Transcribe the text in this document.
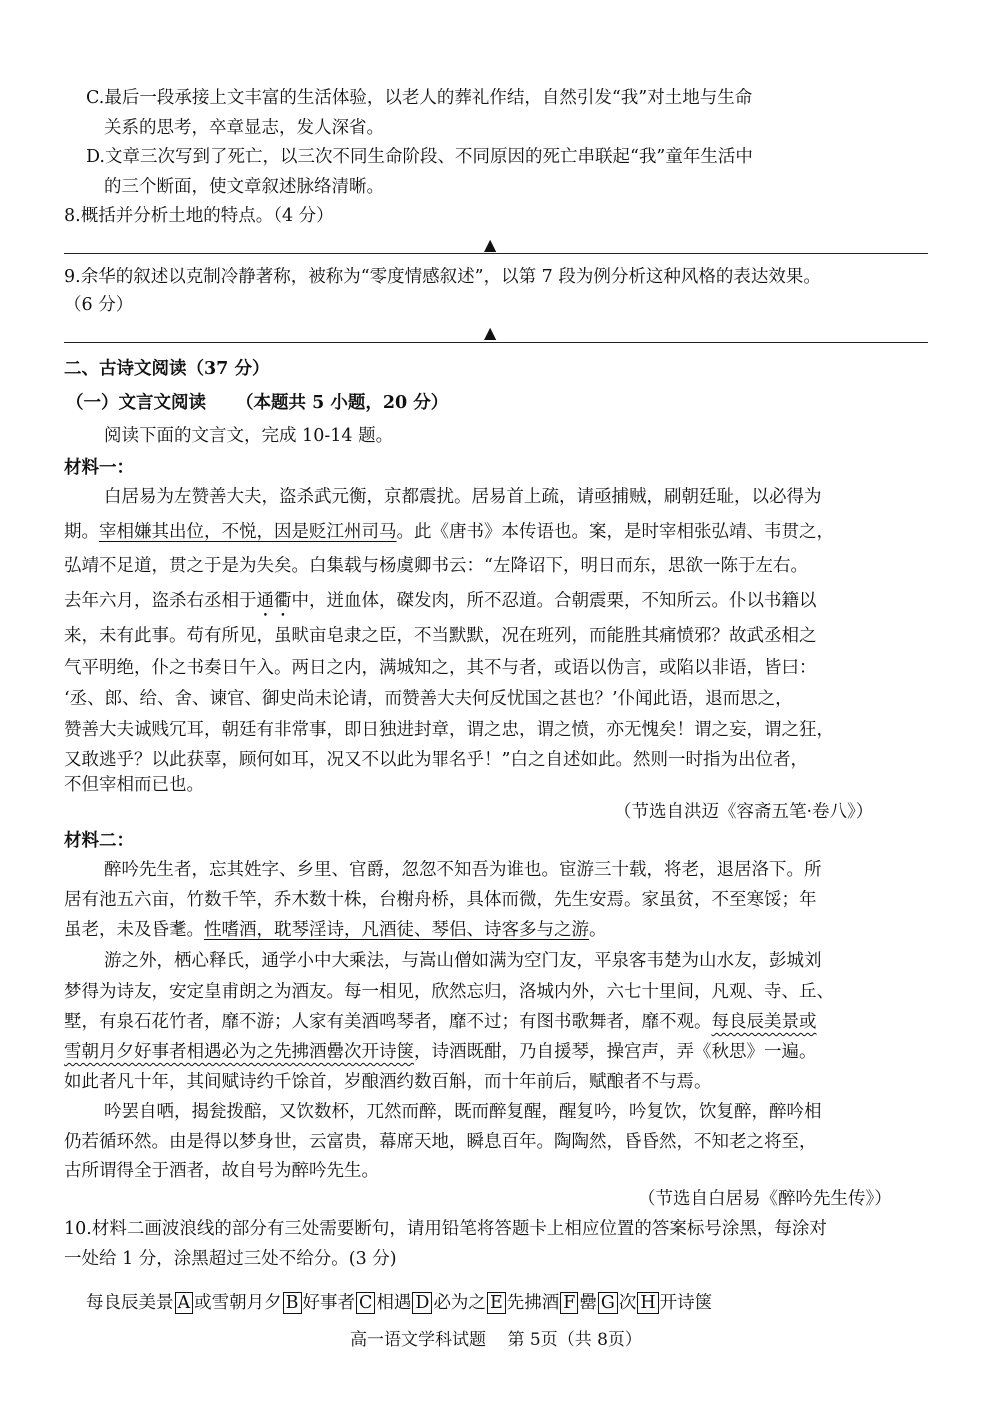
C.最后一段承接上文丰富的生活体验，以老人的葬礼作结，自然引发“我”对土地与生命
关系的思考，卒章显志，发人深省。
D.文章三次写到了死亡，以三次不同生命阶段、不同原因的死亡串联起“我”童年生活中
的三个断面，使文章叙述脉络清晰。
8.概括并分析土地的特点。（4 分）
▲
9.余华的叙述以克制冷静著称，被称为“零度情感叙述”，以第 7 段为例分析这种风格的表达效果。
（6 分）
▲
二、古诗文阅读（37 分）
（一）文言文阅读 （本题共 5 小题，20 分）
阅读下面的文言文，完成 10-14 题。
材料一：
白居易为左赞善大夫，盗杀武元衡，京都震扰。居易首上疏，请亟捕贼，刷朝廷耻，以必得为
期。宰相嫌其出位，不悦，因是贬江州司马。此《唐书》本传语也。案，是时宰相张弘靖、韦贯之，
弘靖不足道，贯之于是为失矣。白集载与杨虞卿书云：“左降诏下，明日而东，思欲一陈于左右。
去年六月，盗杀右丞相于通衢中，迸血体，磔发肉，所不忍道。合朝震栗，不知所云。仆以书籍以
来，未有此事。苟有所见，虽畎亩皂隶之臣，不当默默，况在班列，而能胜其痛愤邪？故武丞相之
气平明绝，仆之书奏日午入。两日之内，满城知之，其不与者，或语以伪言，或陷以非语，皆曰：
‘丞、郎、给、舍、谏官、御史尚未论请，而赞善大夫何反忧国之甚也？’仆闻此语，退而思之，
赞善大夫诚贱冗耳，朝廷有非常事，即日独进封章，谓之忠，谓之愤，亦无愧矣！谓之妄，谓之狂，
又敢逃乎？以此获辜，顾何如耳，况又不以此为罪名乎！”白之自述如此。然则一时指为出位者，
不但宰相而已也。
（节选自洪迈《容斋五笔·卷八》）
材料二：
醉吟先生者，忘其姓字、乡里、官爵，忽忽不知吾为谁也。宦游三十载，将老，退居洛下。所
居有池五六亩，竹数千竿，乔木数十株，台榭舟桥，具体而微，先生安焉。家虽贫，不至寒馁；年
虽老，未及昏耄。性嗜酒，耽琴淫诗，凡酒徒、琴侣、诗客多与之游。
游之外，栖心释氏，通学小中大乘法，与嵩山僧如满为空门友，平泉客韦楚为山水友，彭城刘
梦得为诗友，安定皇甫朗之为酒友。每一相见，欣然忘归，洛城内外，六七十里间，凡观、寺、丘、
墅，有泉石花竹者，靡不游；人家有美酒鸣琴者，靡不过；有图书歌舞者，靡不观。每良辰美景或
雪朝月夕好事者相遇必为之先拂酒罍次开诗箧，诗酒既酣，乃自援琴，操宫声，弄《秋思》一遍。
如此者凡十年，其间赋诗约千馀首，岁酿酒约数百斛，而十年前后，赋酿者不与焉。
吟罢自哂，揭瓮拨醅，又饮数杯，兀然而醉，既而醉复醒，醒复吟，吟复饮，饮复醉，醉吟相
仍若循环然。由是得以梦身世，云富贵，幕席天地，瞬息百年。陶陶然，昏昏然，不知老之将至，
古所谓得全于酒者，故自号为醉吟先生。
（节选自白居易《醉吟先生传》）
10.材料二画波浪线的部分有三处需要断句，请用铅笔将答题卡上相应位置的答案标号涂黑，每涂对
一处给 1 分，涂黑超过三处不给分。(3 分)
每良辰美景 A 或雪朝月夕 B 好事者 C 相遇 D 必为之 E 先拂酒 F 罍 G 次 H 开诗箧
高一语文学科试题 第 5页（共 8页）
